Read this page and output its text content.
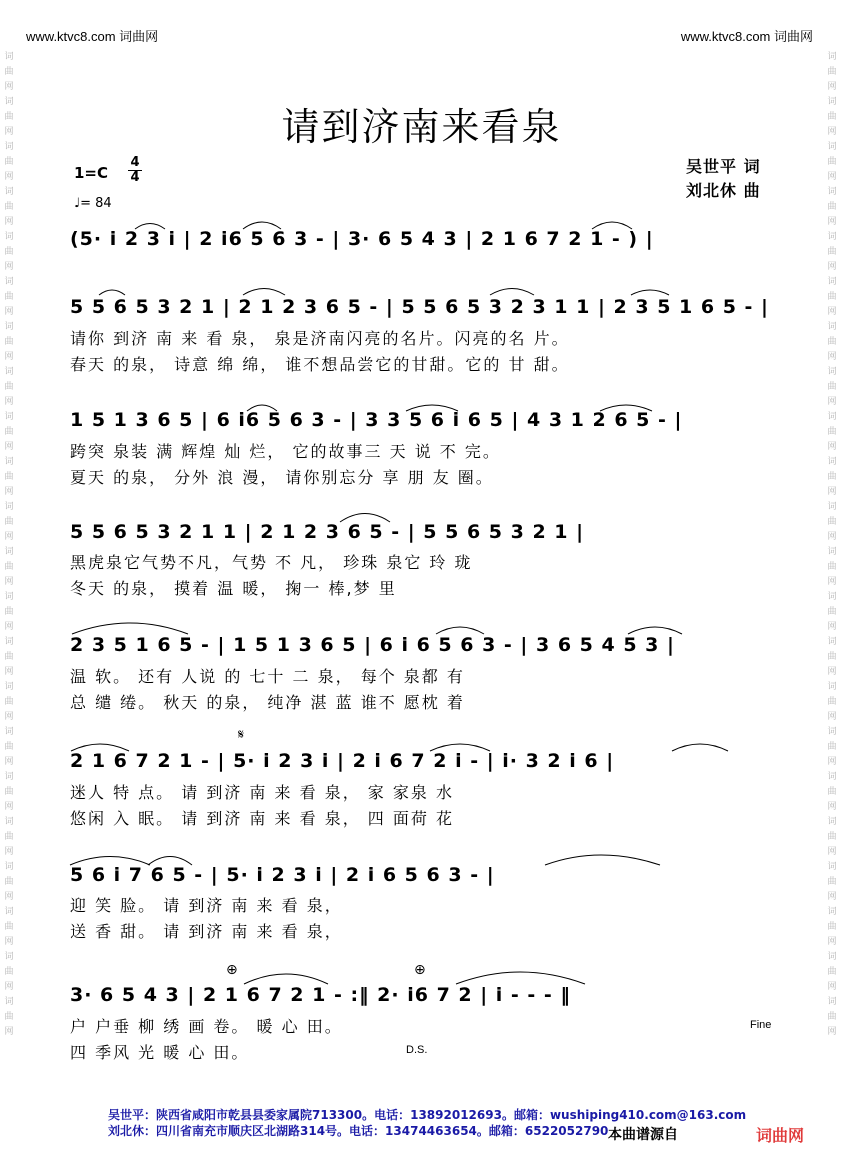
www.ktvc8.com 词曲网	www.ktvc8.com 词曲网
词曲网词曲网词曲网词曲网词曲网词曲网词曲网词曲网词曲网词曲网词曲网词曲网词曲网词曲网词曲网词曲网词曲网词曲网词曲网词曲网词曲网词曲网
词曲网词曲网词曲网词曲网词曲网词曲网词曲网词曲网词曲网词曲网词曲网词曲网词曲网词曲网词曲网词曲网词曲网词曲网词曲网词曲网词曲网词曲网
请到济南来看泉
1=C
4
4
♩= 84
吴世平 词
刘北休 曲
(5· i 2 3 i | 2 i6 5 6 3 - | 3· 6 5 4 3 | 2 1 6 7 2 1 - ) |
5 5 6 5 3 2 1 | 2 1 2 3 6 5 - | 5 5 6 5 3 2 3 1 1 | 2 3 5 1 6 5 - |
请你 到济 南 来 看 泉， 泉是济南闪亮的名片。闪亮的名 片。
春天 的泉， 诗意 绵 绵， 谁不想品尝它的甘甜。它的 甘 甜。
1 5 1 3 6 5 | 6 i6 5 6 3 - | 3 3 5 6 i 6 5 | 4 3 1 2 6 5 - |
跨突 泉装 满 辉煌 灿 烂， 它的故事三 天 说 不 完。
夏天 的泉， 分外 浪 漫， 请你别忘分 享 朋 友 圈。
5 5 6 5 3 2 1 1 | 2 1 2 3 6 5 - | 5 5 6 5 3 2 1 |
黑虎泉它气势不凡，气势 不 凡， 珍珠 泉它 玲 珑
冬天 的泉， 摸着 温 暖， 掬一 棒,梦 里
2 3 5 1 6 5 - | 1 5 1 3 6 5 | 6 i 6 5 6 3 - | 3 6 5 4 5 3 |
温 软。 还有 人说 的 七十 二 泉， 每个 泉都 有
总 缱 绻。 秋天 的泉， 纯净 湛 蓝 谁不 愿枕 着
𝄋
2 1 6 7 2 1 - | 5· i 2 3 i | 2 i 6 7 2 i - | i· 3 2 i 6 |
迷人 特 点。 请 到济 南 来 看 泉， 家 家泉 水
悠闲 入 眠。 请 到济 南 来 看 泉， 四 面荷 花
5 6 i 7 6 5 - | 5· i 2 3 i | 2 i 6 5 6 3 - |
迎 笑 脸。 请 到济 南 来 看 泉，
送 香 甜。 请 到济 南 来 看 泉，
⊕	⊕
3· 6 5 4 3 | 2 1 6 7 2 1 - :‖ 2· i6 7 2 | i - - - ‖
户 户垂 柳 绣 画 卷。 暖 心 田。
四 季风 光 暖 心 田。
Fine
D.S.
吴世平：陕西省咸阳市乾县县委家属院713300。电话：13892012693。邮箱：wushiping410.com@163.com
刘北休：四川省南充市顺庆区北湖路314号。电话：13474463654。邮箱：6522052790 本曲谱源自	词曲网
